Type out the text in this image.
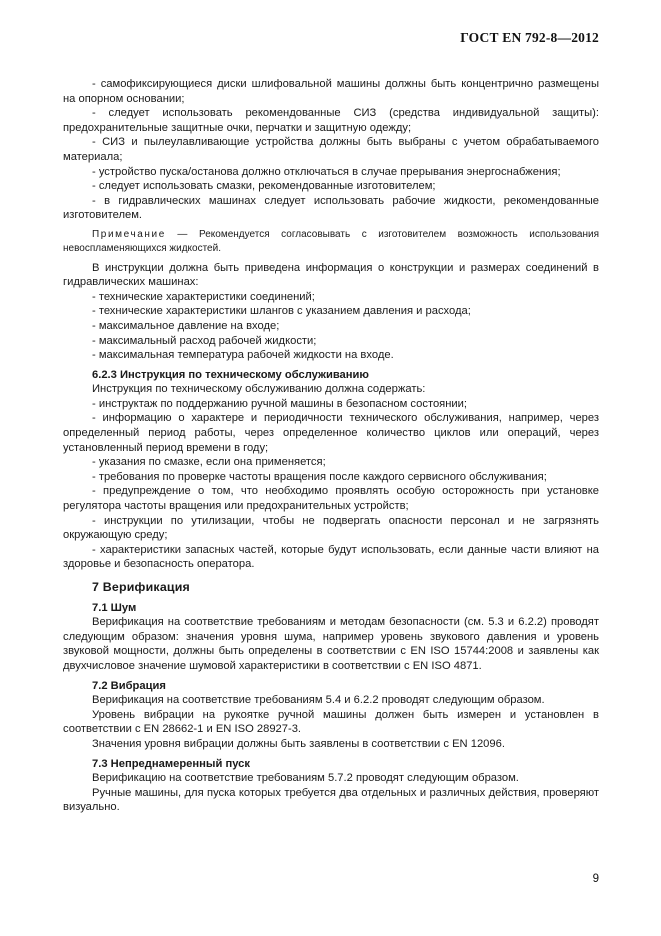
ГОСТ EN 792-8—2012

- самофиксирующиеся диски шлифовальной машины должны быть концентрично размещены на опорном основании;

- следует использовать рекомендованные СИЗ (средства индивидуальной защиты): предохранительные защитные очки, перчатки и защитную одежду;

- СИЗ и пылеулавливающие устройства должны быть выбраны с учетом обрабатываемого материала;

- устройство пуска/останова должно отключаться в случае прерывания энергоснабжения;

- следует использовать смазки, рекомендованные изготовителем;

- в гидравлических машинах следует использовать рабочие жидкости, рекомендованные изготовителем.

Примечание — Рекомендуется согласовывать с изготовителем возможность использования невоспламеняющихся жидкостей.

В инструкции должна быть приведена информация о конструкции и размерах соединений в гидравлических машинах:

- технические характеристики соединений;

- технические характеристики шлангов с указанием давления и расхода;

- максимальное давление на входе;

- максимальный расход рабочей жидкости;

- максимальная температура рабочей жидкости на входе.

6.2.3 Инструкция по техническому обслуживанию

Инструкция по техническому обслуживанию должна содержать:

- инструктаж по поддержанию ручной машины в безопасном состоянии;

- информацию о характере и периодичности технического обслуживания, например, через определенный период работы, через определенное количество циклов или операций, через установленный период времени в году;

- указания по смазке, если она применяется;

- требования по проверке частоты вращения после каждого сервисного обслуживания;

- предупреждение о том, что необходимо проявлять особую осторожность при установке регулятора частоты вращения или предохранительных устройств;

- инструкции по утилизации, чтобы не подвергать опасности персонал и не загрязнять окружающую среду;

- характеристики запасных частей, которые будут использовать, если данные части влияют на здоровье и безопасность оператора.

7 Верификация

7.1 Шум

Верификация на соответствие требованиям и методам безопасности (см. 5.3 и 6.2.2) проводят следующим образом: значения уровня шума, например уровень звукового давления и уровень звуковой мощности, должны быть определены в соответствии с EN ISO 15744:2008 и заявлены как двухчисловое значение шумовой характеристики в соответствии с EN ISO 4871.

7.2 Вибрация

Верификация на соответствие требованиям 5.4 и 6.2.2 проводят следующим образом.

Уровень вибрации на рукоятке ручной машины должен быть измерен и установлен в соответствии с EN 28662-1 и EN ISO 28927-3.

Значения уровня вибрации должны быть заявлены в соответствии с EN 12096.

7.3 Непреднамеренный пуск

Верификацию на соответствие требованиям 5.7.2 проводят следующим образом.

Ручные машины, для пуска которых требуется два отдельных и различных действия, проверяют визуально.

9
